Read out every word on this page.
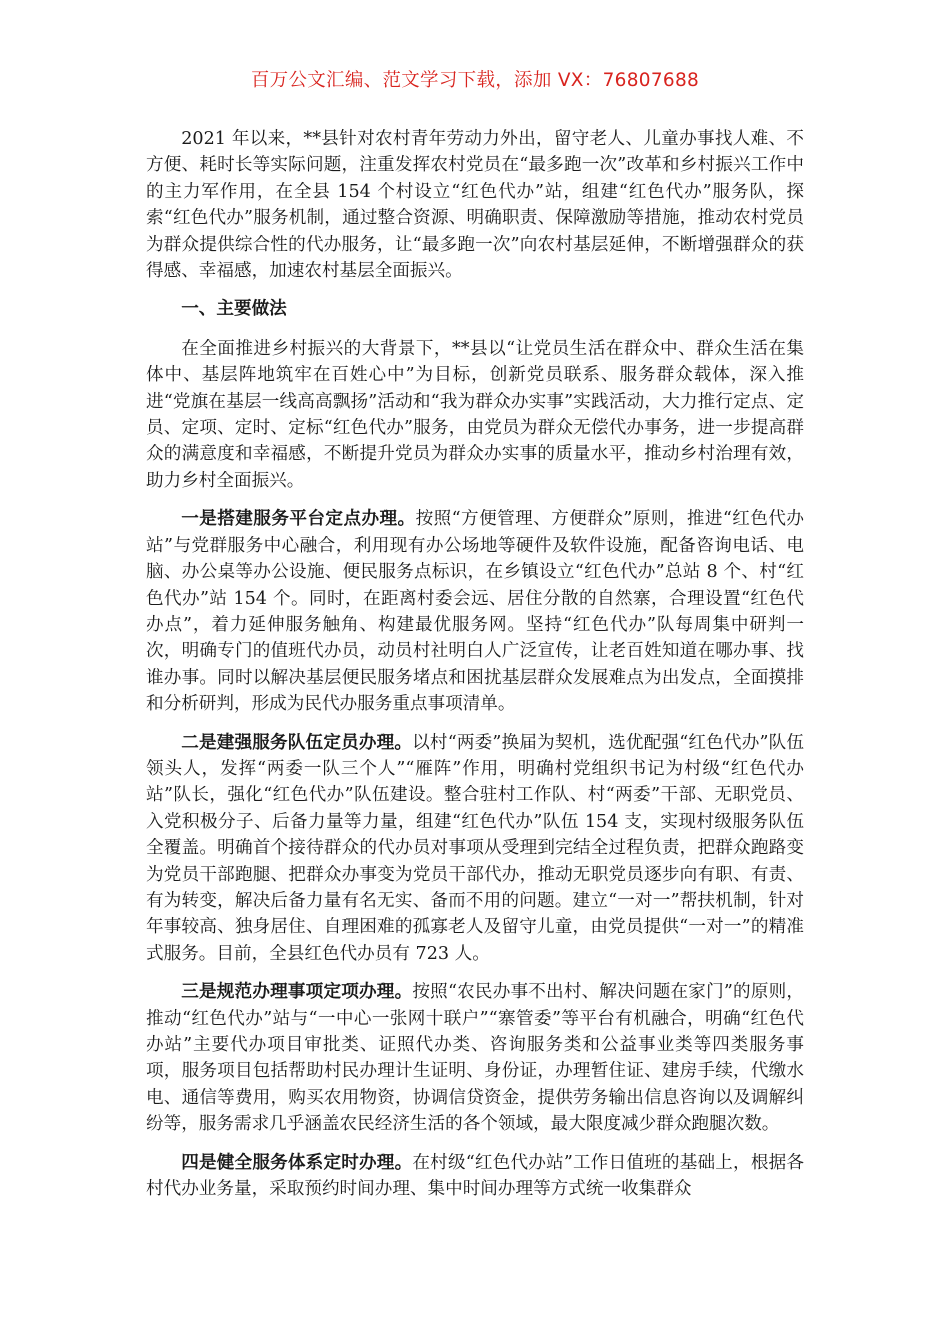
百万公文汇编、范文学习下载，添加 VX：76807688

2021 年以来，**县针对农村青年劳动力外出，留守老人、儿童办事找人难、不方便、耗时长等实际问题，注重发挥农村党员在“最多跑一次”改革和乡村振兴工作中的主力军作用，在全县 154 个村设立“红色代办”站，组建“红色代办”服务队，探索“红色代办”服务机制，通过整合资源、明确职责、保障激励等措施，推动农村党员为群众提供综合性的代办服务，让“最多跑一次”向农村基层延伸，不断增强群众的获得感、幸福感，加速农村基层全面振兴。

一、主要做法

在全面推进乡村振兴的大背景下，**县以“让党员生活在群众中、群众生活在集体中、基层阵地筑牢在百姓心中”为目标，创新党员联系、服务群众载体，深入推进“党旗在基层一线高高飘扬”活动和“我为群众办实事”实践活动，大力推行定点、定员、定项、定时、定标“红色代办”服务，由党员为群众无偿代办事务，进一步提高群众的满意度和幸福感，不断提升党员为群众办实事的质量水平，推动乡村治理有效，助力乡村全面振兴。

一是搭建服务平台定点办理。按照“方便管理、方便群众”原则，推进“红色代办站”与党群服务中心融合，利用现有办公场地等硬件及软件设施，配备咨询电话、电脑、办公桌等办公设施、便民服务点标识，在乡镇设立“红色代办”总站 8 个、村“红色代办”站 154 个。同时，在距离村委会远、居住分散的自然寨，合理设置“红色代办点”，着力延伸服务触角、构建最优服务网。坚持“红色代办”队每周集中研判一次，明确专门的值班代办员，动员村社明白人广泛宣传，让老百姓知道在哪办事、找谁办事。同时以解决基层便民服务堵点和困扰基层群众发展难点为出发点，全面摸排和分析研判，形成为民代办服务重点事项清单。

二是建强服务队伍定员办理。以村“两委”换届为契机，选优配强“红色代办”队伍领头人，发挥“两委一队三个人”“雁阵”作用，明确村党组织书记为村级“红色代办站”队长，强化“红色代办”队伍建设。整合驻村工作队、村“两委”干部、无职党员、入党积极分子、后备力量等力量，组建“红色代办”队伍 154 支，实现村级服务队伍全覆盖。明确首个接待群众的代办员对事项从受理到完结全过程负责，把群众跑路变为党员干部跑腿、把群众办事变为党员干部代办，推动无职党员逐步向有职、有责、有为转变，解决后备力量有名无实、备而不用的问题。建立“一对一”帮扶机制，针对年事较高、独身居住、自理困难的孤寡老人及留守儿童，由党员提供“一对一”的精准式服务。目前，全县红色代办员有 723 人。

三是规范办理事项定项办理。按照“农民办事不出村、解决问题在家门”的原则，推动“红色代办”站与“一中心一张网十联户”“寨管委”等平台有机融合，明确“红色代办站”主要代办项目审批类、证照代办类、咨询服务类和公益事业类等四类服务事项，服务项目包括帮助村民办理计生证明、身份证，办理暂住证、建房手续，代缴水电、通信等费用，购买农用物资，协调信贷资金，提供劳务输出信息咨询以及调解纠纷等，服务需求几乎涵盖农民经济生活的各个领域，最大限度减少群众跑腿次数。

四是健全服务体系定时办理。在村级“红色代办站”工作日值班的基础上，根据各村代办业务量，采取预约时间办理、集中时间办理等方式统一收集群众
